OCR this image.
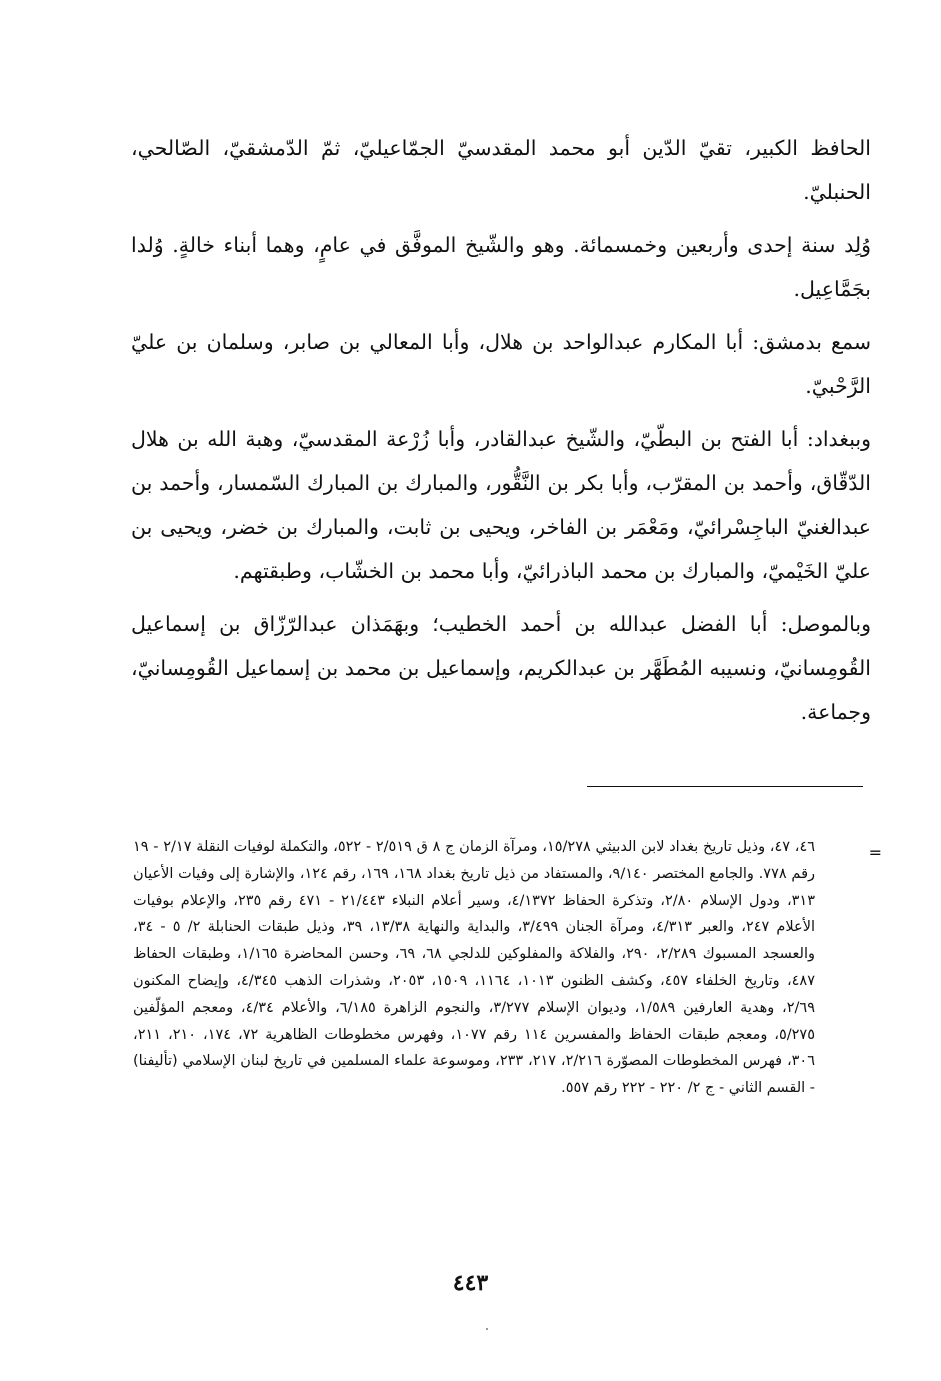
الحافظ الكبير، تقيّ الدّين أبو محمد المقدسيّ الجمّاعيليّ، ثمّ الدّمشقيّ، الصّالحي، الحنبليّ.

وُلِد سنة إحدى وأربعين وخمسمائة. وهو والشّيخ الموفَّق في عامٍ، وهما أبناء خالةٍ. وُلدا بجَمَّاعِيل.

سمع بدمشق: أبا المكارم عبدالواحد بن هلال، وأبا المعالي بن صابر، وسلمان بن عليّ الرَّحْبيّ.

وببغداد: أبا الفتح بن البطّيّ، والشّيخ عبدالقادر، وأبا زُرْعة المقدسيّ، وهبة الله بن هلال الدّقّاق، وأحمد بن المقرّب، وأبا بكر بن النَّقُّور، والمبارك بن المبارك السّمسار، وأحمد بن عبدالغنيّ الباجِسْرائيّ، ومَعْمَر بن الفاخر، ويحيى بن ثابت، والمبارك بن خضر، ويحيى بن عليّ الخَيْميّ، والمبارك بن محمد الباذرائيّ، وأبا محمد بن الخشّاب، وطبقتهم.

وبالموصل: أبا الفضل عبدالله بن أحمد الخطيب؛ وبهَمَذان عبدالرّزّاق بن إسماعيل القُومِسانيّ، ونسيبه المُطَهَّر بن عبدالكريم، وإسماعيل بن محمد بن إسماعيل القُومِسانيّ، وجماعة.

=

٤٦، ٤٧، وذيل تاريخ بغداد لابن الدبيثي ١٥/٢٧٨، ومرآة الزمان ج ٨ ق ٢/٥١٩ - ٥٢٢، والتكملة لوفيات النقلة ٢/١٧ - ١٩ رقم ٧٧٨. والجامع المختصر ٩/١٤٠، والمستفاد من ذيل تاريخ بغداد ١٦٨، ١٦٩، رقم ١٢٤، والإشارة إلى وفيات الأعيان ٣١٣، ودول الإسلام ٢/٨٠، وتذكرة الحفاظ ٤/١٣٧٢، وسير أعلام النبلاء ٢١/٤٤٣ - ٤٧١ رقم ٢٣٥، والإعلام بوفيات الأعلام ٢٤٧، والعبر ٤/٣١٣، ومرآة الجنان ٣/٤٩٩، والبداية والنهاية ١٣/٣٨، ٣٩، وذيل طبقات الحنابلة ٢/ ٥ - ٣٤، والعسجد المسبوك ٢/٢٨٩، ٢٩٠، والفلاكة والمفلوكين للدلجي ٦٨، ٦٩، وحسن المحاضرة ١/١٦٥، وطبقات الحفاظ ٤٨٧، وتاريخ الخلفاء ٤٥٧، وكشف الظنون ١٠١٣، ١١٦٤، ١٥٠٩، ٢٠٥٣، وشذرات الذهب ٤/٣٤٥، وإيضاح المكنون ٢/٦٩، وهدية العارفين ١/٥٨٩، وديوان الإسلام ٣/٢٧٧، والنجوم الزاهرة ٦/١٨٥، والأعلام ٤/٣٤، ومعجم المؤلّفين ٥/٢٧٥، ومعجم طبقات الحفاظ والمفسرين ١١٤ رقم ١٠٧٧، وفهرس مخطوطات الظاهرية ٧٢، ١٧٤، ٢١٠، ٢١١، ٣٠٦، فهرس المخطوطات المصوّرة ٢/٢١٦، ٢١٧، ٢٣٣، وموسوعة علماء المسلمين في تاريخ لبنان الإسلامي (تأليفنا) - القسم الثاني - ج ٢/ ٢٢٠ - ٢٢٢ رقم ٥٥٧.

٤٤٣
